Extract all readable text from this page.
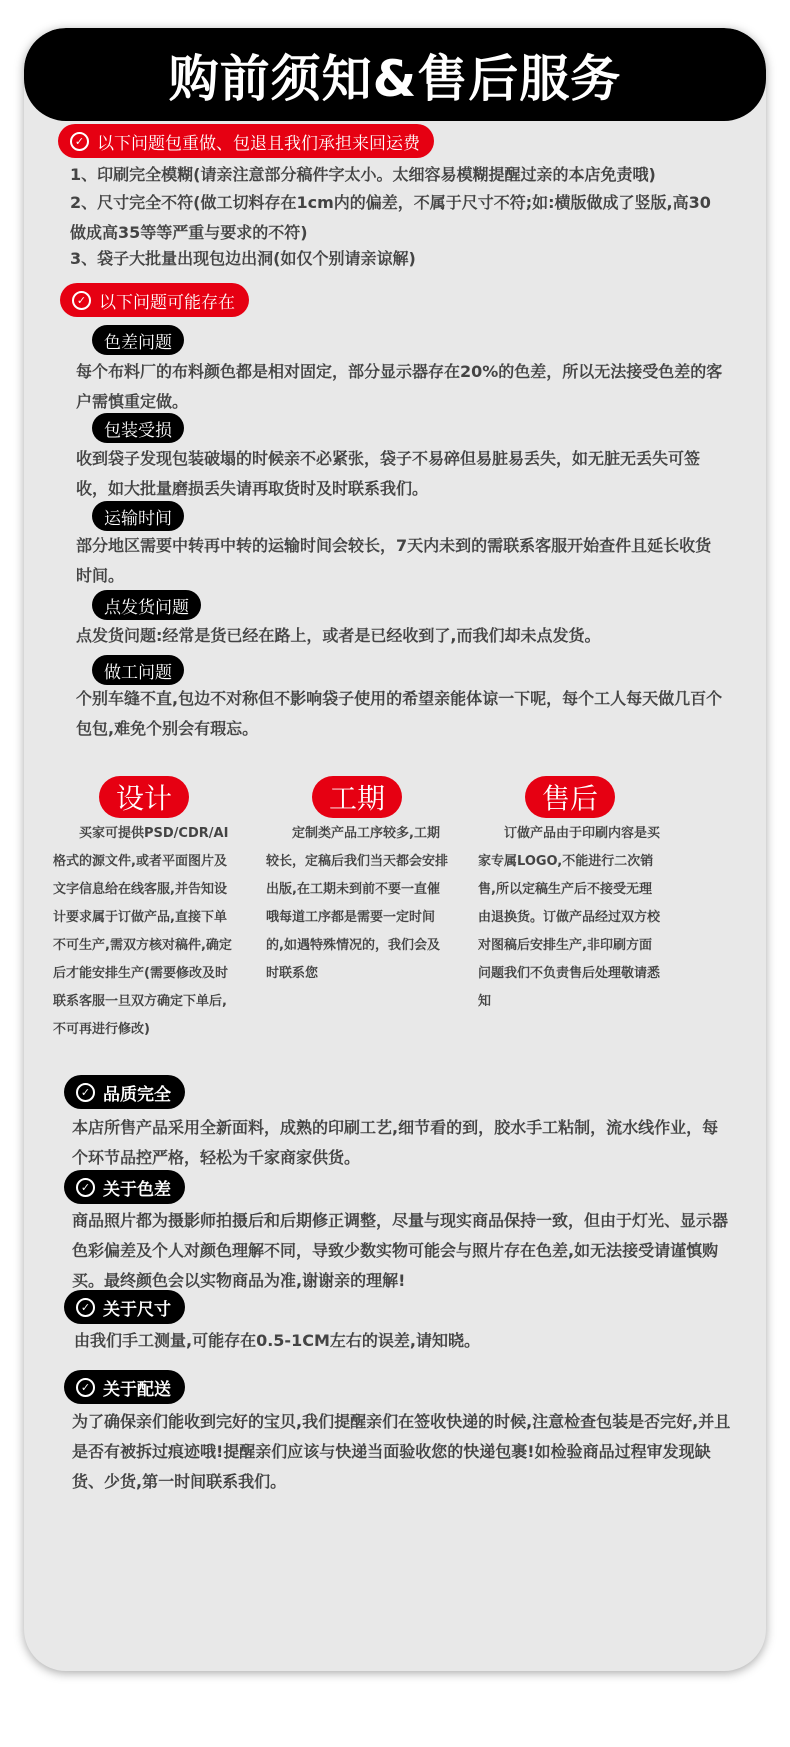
购前须知&售后服务
✓ 以下问题包重做、包退且我们承担来回运费

1、印刷完全模糊(请亲注意部分稿件字太小。太细容易模糊提醒过亲的本店免责哦)

2、尺寸完全不符(做工切料存在1cm内的偏差，不属于尺寸不符;如:横版做成了竖版,高30做成高35等等严重与要求的不符)

3、袋子大批量出现包边出洞(如仅个别请亲谅解)

✓ 以下问题可能存在
色差问题

每个布料厂的布料颜色都是相对固定，部分显示器存在20%的色差，所以无法接受色差的客户需慎重定做。

包装受损

收到袋子发现包装破塌的时候亲不必紧张，袋子不易碎但易脏易丢失，如无脏无丢失可签收，如大批量磨损丢失请再取货时及时联系我们。

运输时间

部分地区需要中转再中转的运输时间会较长，7天内未到的需联系客服开始查件且延长收货时间。

点发货问题

点发货问题:经常是货已经在路上，或者是已经收到了,而我们却未点发货。

做工问题

个别车缝不直,包边不对称但不影响袋子使用的希望亲能体谅一下呢，每个工人每天做几百个包包,难免个别会有瑕忘。

设计

买家可提供PSD/CDR/AI格式的源文件,或者平面图片及文字信息给在线客服,并告知设计要求属于订做产品,直接下单不可生产,需双方核对稿件,确定后才能安排生产(需要修改及时联系客服一旦双方确定下单后,不可再进行修改)

工期

定制类产品工序较多,工期较长，定稿后我们当天都会安排出版,在工期未到前不要一直催哦每道工序都是需要一定时间的,如遇特殊情况的，我们会及时联系您

售后

订做产品由于印刷内容是买家专属LOGO,不能进行二次销售,所以定稿生产后不接受无理由退换货。订做产品经过双方校对图稿后安排生产,非印刷方面问题我们不负责售后处理敬请悉知

✓ 品质完全

本店所售产品采用全新面料，成熟的印刷工艺,细节看的到，胶水手工粘制，流水线作业，每个环节品控严格，轻松为千家商家供货。

✓ 关于色差

商品照片都为摄影师拍摄后和后期修正调整，尽量与现实商品保持一致，但由于灯光、显示器色彩偏差及个人对颜色理解不同，导致少数实物可能会与照片存在色差,如无法接受请谨慎购买。最终颜色会以实物商品为准,谢谢亲的理解!

✓ 关于尺寸

由我们手工测量,可能存在0.5-1CM左右的误差,请知晓。

✓ 关于配送

为了确保亲们能收到完好的宝贝,我们提醒亲们在签收快递的时候,注意检查包装是否完好,并且是否有被拆过痕迹哦!提醒亲们应该与快递当面验收您的快递包裹!如检验商品过程审发现缺货、少货,第一时间联系我们。
